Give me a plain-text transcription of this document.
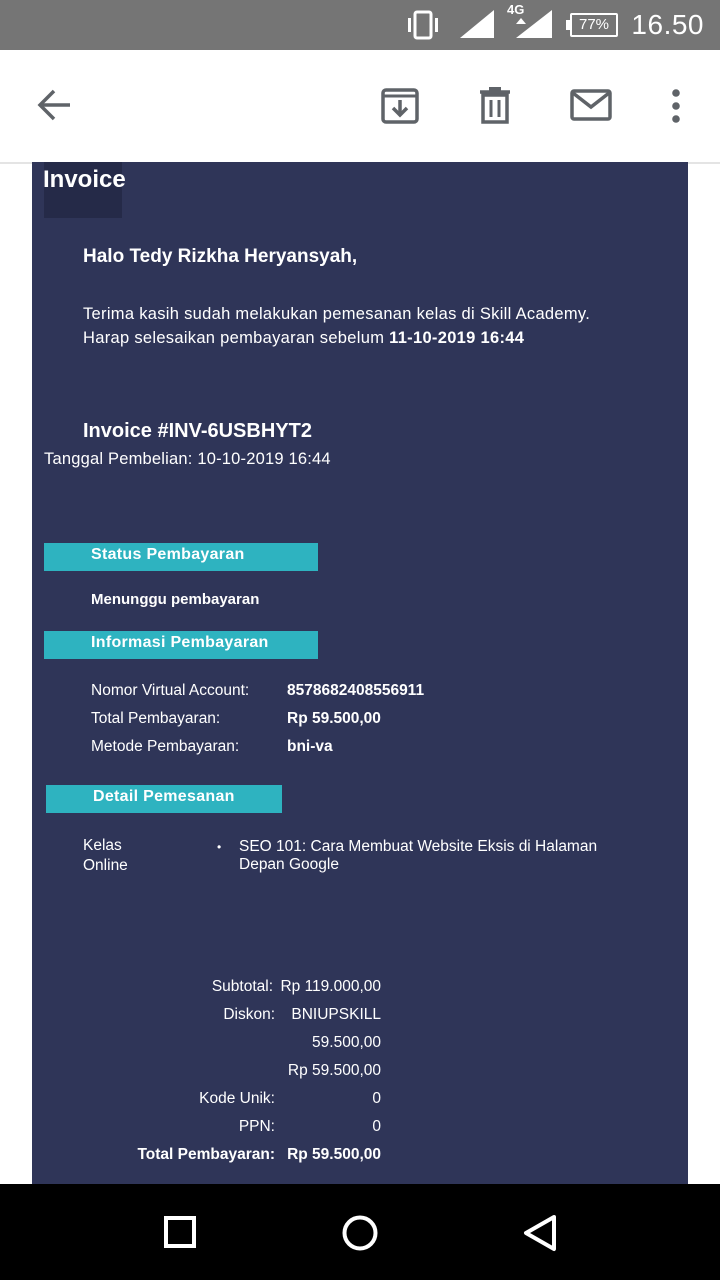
4G
77% 16.50
Invoice
Halo Tedy Rizkha Heryansyah,
Terima kasih sudah melakukan pemesanan kelas di Skill Academy.
Harap selesaikan pembayaran sebelum 11-10-2019 16:44
Invoice #INV-6USBHYT2
Tanggal Pembelian: 10-10-2019 16:44
Status Pembayaran
Menunggu pembayaran
Informasi Pembayaran
Nomor Virtual Account: 8578682408556911
Total Pembayaran:	Rp 59.500,00
Metode Pembayaran:	bni-va
Detail Pemesanan
Kelas
Online
• SEO 101: Cara Membuat Website Eksis di Halaman Depan Google
Subtotal: Rp 119.000,00
Diskon: BNIUPSKILL
59.500,00
Rp 59.500,00
Kode Unik:	0
PPN:	0
Total Pembayaran: Rp 59.500,00
